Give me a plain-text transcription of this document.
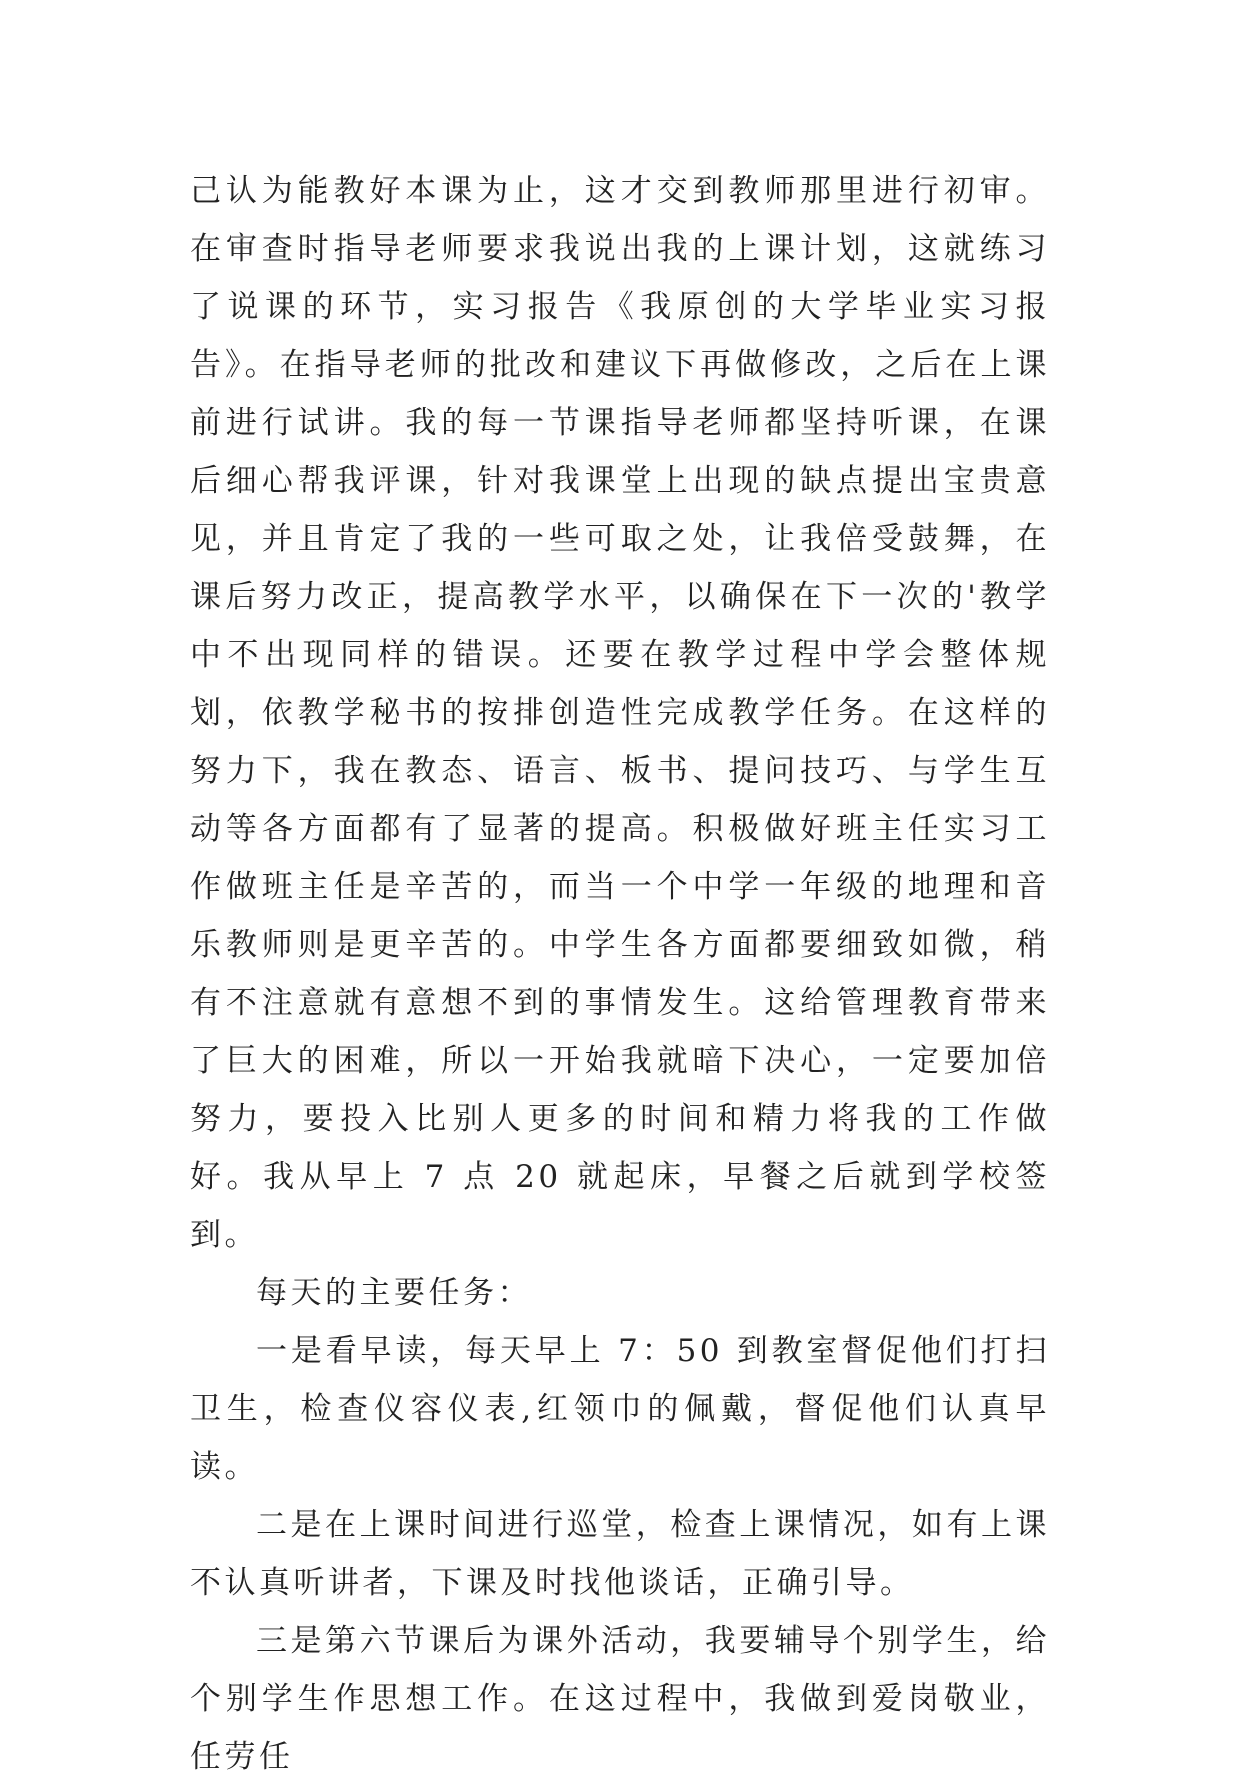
己认为能教好本课为止，这才交到教师那里进行初审。在审查时指导老师要求我说出我的上课计划，这就练习了说课的环节，实习报告《我原创的大学毕业实习报告》。在指导老师的批改和建议下再做修改，之后在上课前进行试讲。我的每一节课指导老师都坚持听课，在课后细心帮我评课，针对我课堂上出现的缺点提出宝贵意见，并且肯定了我的一些可取之处，让我倍受鼓舞，在课后努力改正，提高教学水平，以确保在下一次的'教学中不出现同样的错误。还要在教学过程中学会整体规划，依教学秘书的按排创造性完成教学任务。在这样的努力下，我在教态、语言、板书、提问技巧、与学生互动等各方面都有了显著的提高。积极做好班主任实习工作做班主任是辛苦的，而当一个中学一年级的地理和音乐教师则是更辛苦的。中学生各方面都要细致如微，稍有不注意就有意想不到的事情发生。这给管理教育带来了巨大的困难，所以一开始我就暗下决心，一定要加倍努力，要投入比别人更多的时间和精力将我的工作做好。我从早上 7 点 20 就起床，早餐之后就到学校签到。

每天的主要任务：

一是看早读，每天早上 7：50 到教室督促他们打扫卫生，检查仪容仪表,红领巾的佩戴，督促他们认真早读。

二是在上课时间进行巡堂，检查上课情况，如有上课不认真听讲者，下课及时找他谈话，正确引导。

三是第六节课后为课外活动，我要辅导个别学生，给个别学生作思想工作。在这过程中，我做到爱岗敬业，任劳任
